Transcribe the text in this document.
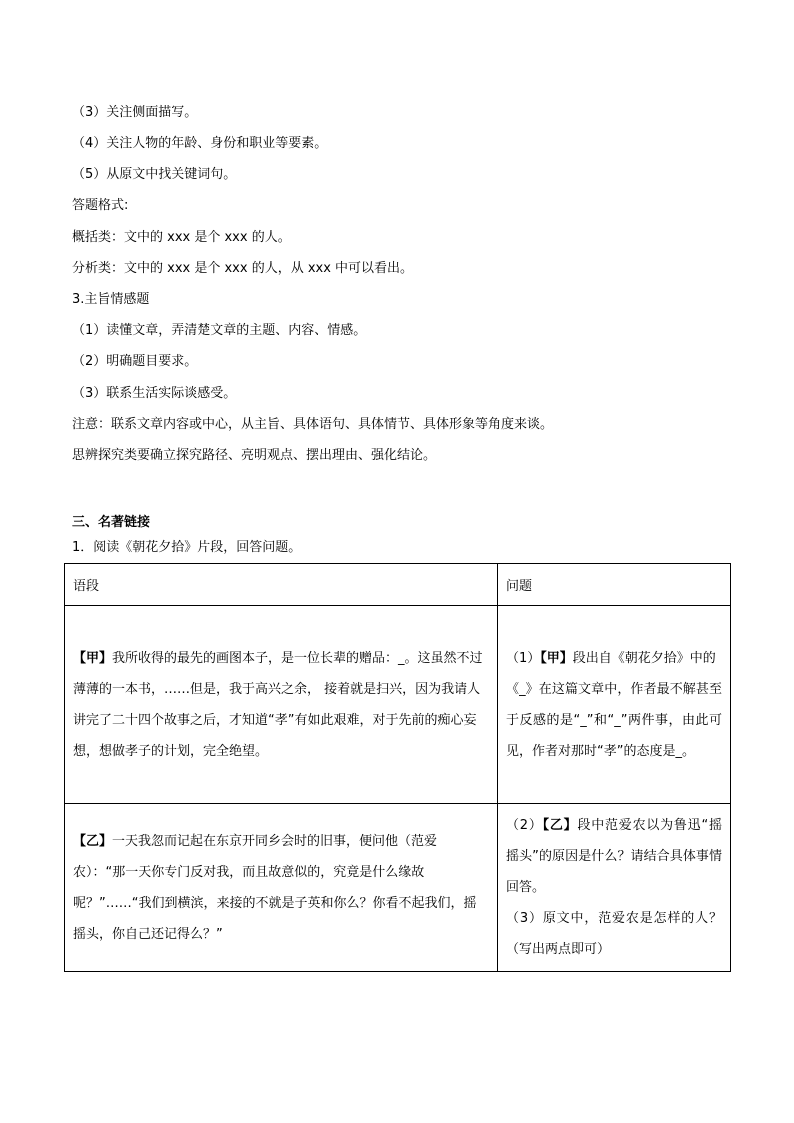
（3）关注侧面描写。
（4）关注人物的年龄、身份和职业等要素。
（5）从原文中找关键词句。
答题格式:
概括类：文中的 xxx 是个 xxx 的人。
分析类：文中的 xxx 是个 xxx 的人，从 xxx 中可以看出。
3.主旨情感题
（1）读懂文章，弄清楚文章的主题、内容、情感。
（2）明确题目要求。
（3）联系生活实际谈感受。
注意：联系文章内容或中心，从主旨、具体语句、具体情节、具体形象等角度来谈。
思辨探究类要确立探究路径、亮明观点、摆出理由、强化结论。
三、名著链接
1．阅读《朝花夕拾》片段，回答问题。
语段	问题
【甲】我所收得的最先的画图本子，是一位长辈的赠品：_。这虽然不过薄薄的一本书，……但是，我于高兴之余， 接着就是扫兴，因为我请人讲完了二十四个故事之后，才知道“孝”有如此艰难，对于先前的痴心妄想，想做孝子的计划，完全绝望。	（1）【甲】段出自《朝花夕拾》中的
《_》在这篇文章中，作者最不解甚至于反感的是“_”和“_”两件事，由此可见，作者对那时“孝”的态度是_。
【乙】一天我忽而记起在东京开同乡会时的旧事，便问他（范爱农）：“那一天你专门反对我，而且故意似的，究竟是什么缘故呢？”……“我们到横滨，来接的不就是子英和你么？你看不起我们，摇摇头，你自己还记得么？”	（2）【乙】段中范爱农以为鲁迅“摇摇头”的原因是什么？请结合具体事情回答。
（3）原文中，范爱农是怎样的人？（写出两点即可）
